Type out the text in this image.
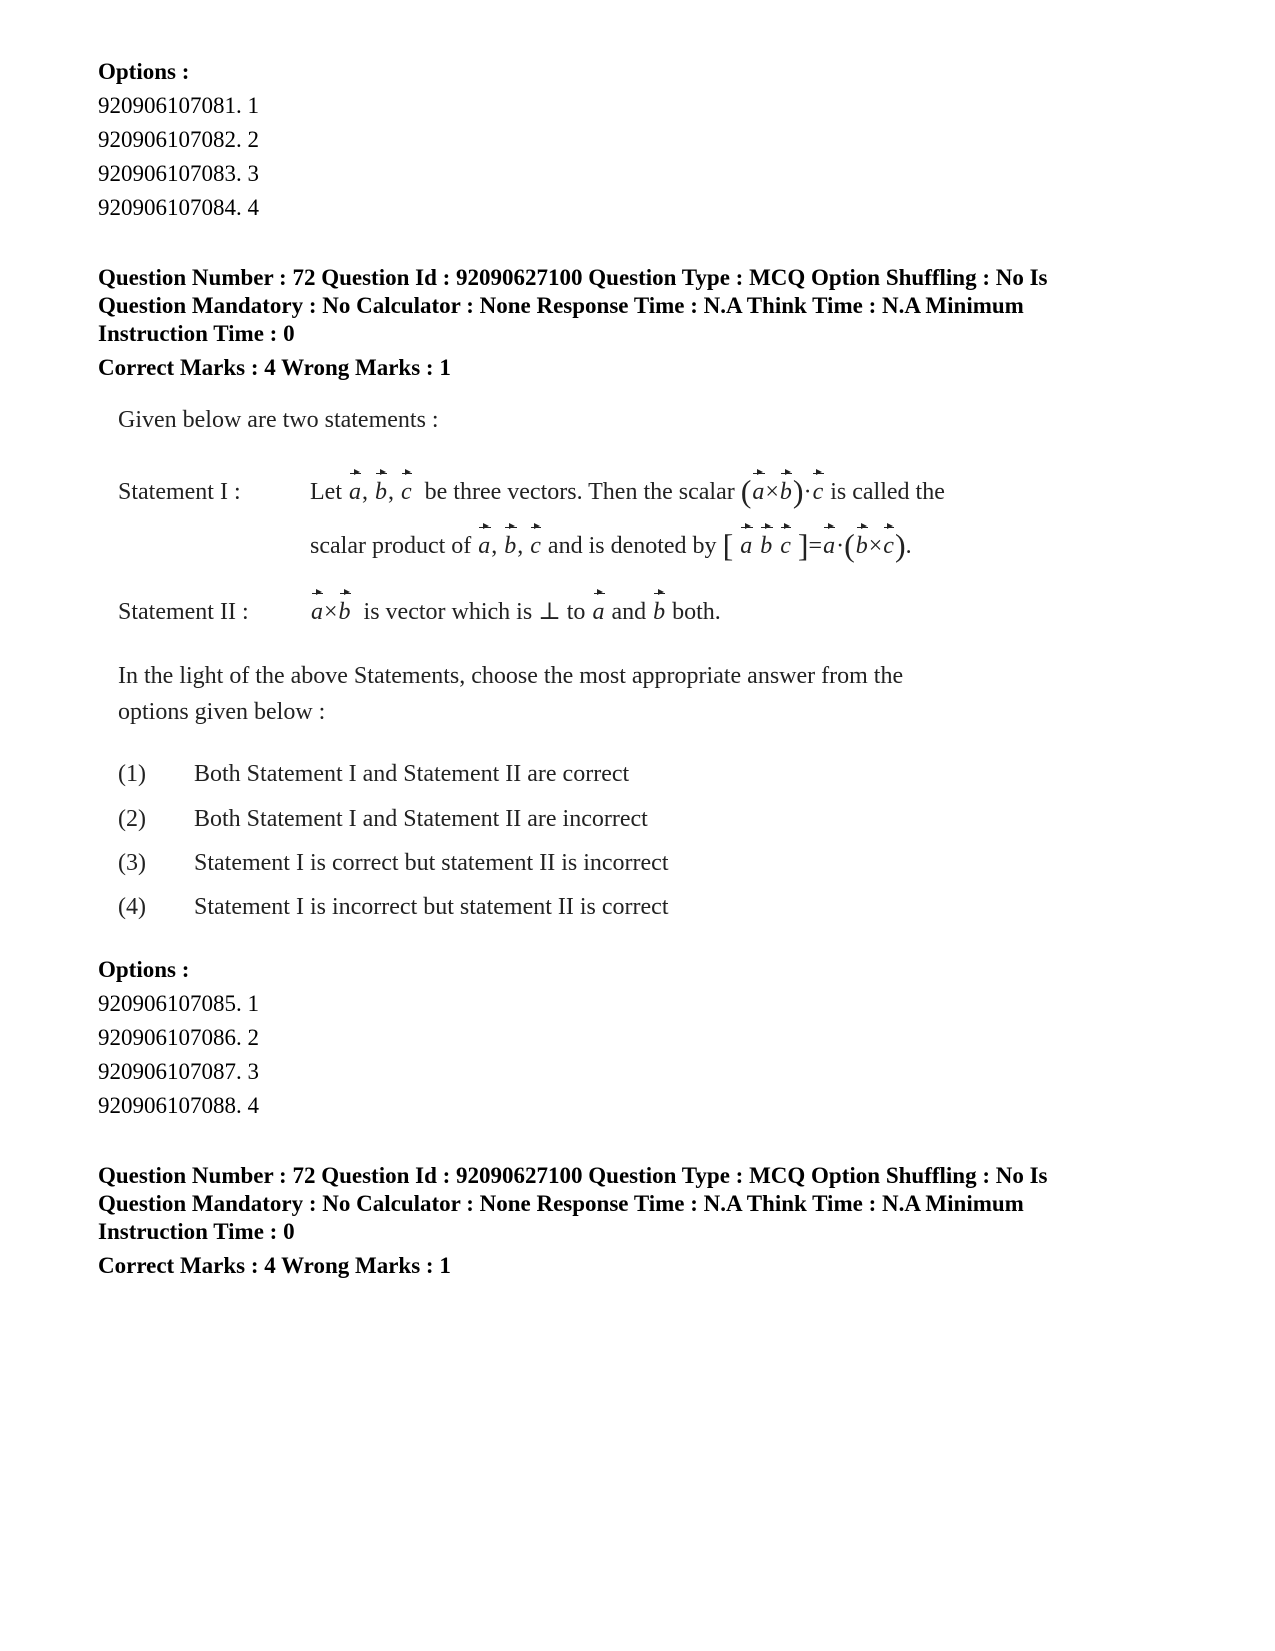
Options :
920906107081. 1
920906107082. 2
920906107083. 3
920906107084. 4
Question Number : 72 Question Id : 92090627100 Question Type : MCQ Option Shuffling : No Is
Question Mandatory : No Calculator : None Response Time : N.A Think Time : N.A Minimum
Instruction Time : 0
Correct Marks : 4 Wrong Marks : 1
Given below are two statements :
Statement I :	Let a, b, c be three vectors. Then the scalar (a×b)·c is called the
scalar product of a, b, c and is denoted by [ a b c ]=a·(b×c).
Statement II :	a×b is vector which is ⊥ to a and b both.
In the light of the above Statements, choose the most appropriate answer from the
options given below :
(1) Both Statement I and Statement II are correct
(2) Both Statement I and Statement II are incorrect
(3) Statement I is correct but statement II is incorrect
(4) Statement I is incorrect but statement II is correct
Options :
920906107085. 1
920906107086. 2
920906107087. 3
920906107088. 4
Question Number : 72 Question Id : 92090627100 Question Type : MCQ Option Shuffling : No Is
Question Mandatory : No Calculator : None Response Time : N.A Think Time : N.A Minimum
Instruction Time : 0
Correct Marks : 4 Wrong Marks : 1
